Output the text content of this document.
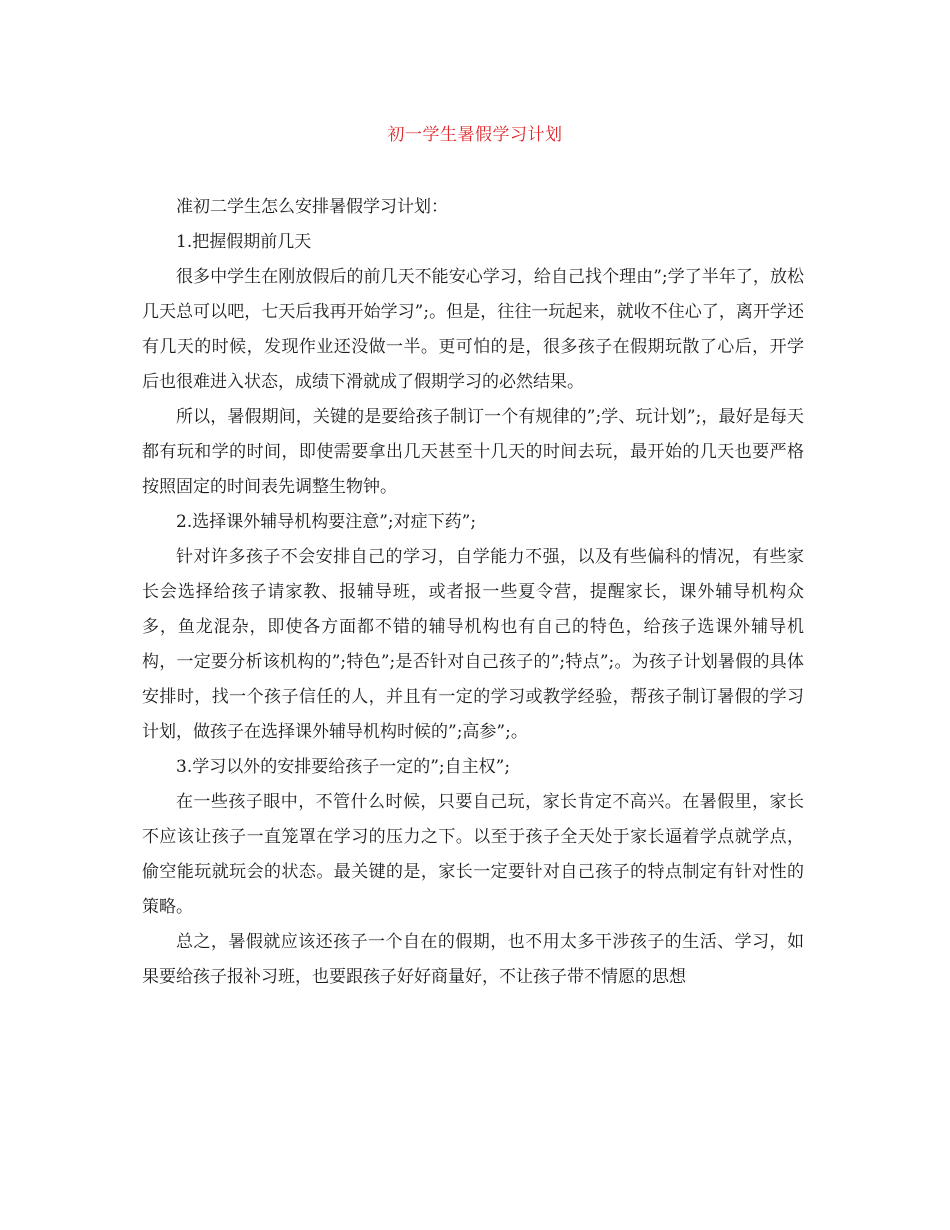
初一学生暑假学习计划

准初二学生怎么安排暑假学习计划：

1.把握假期前几天

很多中学生在刚放假后的前几天不能安心学习，给自己找个理由”;学了半年了，放松几天总可以吧，七天后我再开始学习”;。但是，往往一玩起来，就收不住心了，离开学还有几天的时候，发现作业还没做一半。更可怕的是，很多孩子在假期玩散了心后，开学后也很难进入状态，成绩下滑就成了假期学习的必然结果。

所以，暑假期间，关键的是要给孩子制订一个有规律的”;学、玩计划”;，最好是每天都有玩和学的时间，即使需要拿出几天甚至十几天的时间去玩，最开始的几天也要严格按照固定的时间表先调整生物钟。

2.选择课外辅导机构要注意”;对症下药”;

针对许多孩子不会安排自己的学习，自学能力不强，以及有些偏科的情况，有些家长会选择给孩子请家教、报辅导班，或者报一些夏令营，提醒家长，课外辅导机构众多，鱼龙混杂，即使各方面都不错的辅导机构也有自己的特色，给孩子选课外辅导机构，一定要分析该机构的”;特色”;是否针对自己孩子的”;特点”;。为孩子计划暑假的具体安排时，找一个孩子信任的人，并且有一定的学习或教学经验，帮孩子制订暑假的学习计划，做孩子在选择课外辅导机构时候的”;高参”;。

3.学习以外的安排要给孩子一定的”;自主权”;

在一些孩子眼中，不管什么时候，只要自己玩，家长肯定不高兴。在暑假里，家长不应该让孩子一直笼罩在学习的压力之下。以至于孩子全天处于家长逼着学点就学点，偷空能玩就玩会的状态。最关键的是，家长一定要针对自己孩子的特点制定有针对性的策略。

总之，暑假就应该还孩子一个自在的假期，也不用太多干涉孩子的生活、学习，如果要给孩子报补习班，也要跟孩子好好商量好，不让孩子带不情愿的思想
